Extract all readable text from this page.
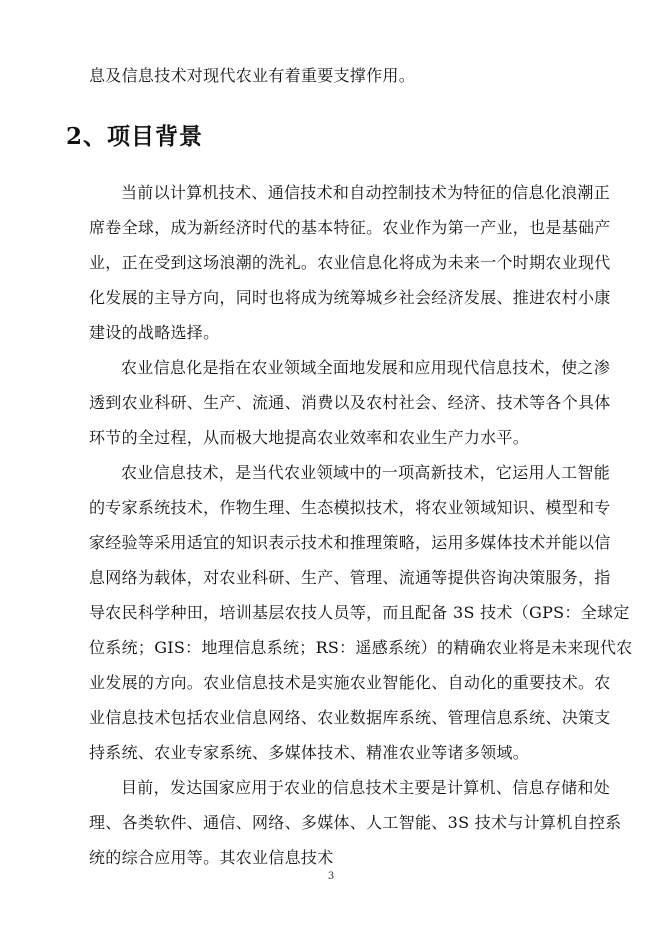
息及信息技术对现代农业有着重要支撑作用。
2、项目背景
当前以计算机技术、通信技术和自动控制技术为特征的信息化浪潮正
席卷全球，成为新经济时代的基本特征。农业作为第一产业，也是基础产
业，正在受到这场浪潮的洗礼。农业信息化将成为未来一个时期农业现代
化发展的主导方向，同时也将成为统筹城乡社会经济发展、推进农村小康
建设的战略选择。
农业信息化是指在农业领域全面地发展和应用现代信息技术，使之渗
透到农业科研、生产、流通、消费以及农村社会、经济、技术等各个具体
环节的全过程，从而极大地提高农业效率和农业生产力水平。
农业信息技术，是当代农业领域中的一项高新技术，它运用人工智能
的专家系统技术，作物生理、生态模拟技术，将农业领域知识、模型和专
家经验等采用适宜的知识表示技术和推理策略，运用多媒体技术并能以信
息网络为载体，对农业科研、生产、管理、流通等提供咨询决策服务，指
导农民科学种田，培训基层农技人员等，而且配备 3S 技术（GPS：全球定
位系统；GIS：地理信息系统；RS：遥感系统）的精确农业将是未来现代农
业发展的方向。农业信息技术是实施农业智能化、自动化的重要技术。农
业信息技术包括农业信息网络、农业数据库系统、管理信息系统、决策支
持系统、农业专家系统、多媒体技术、精准农业等诸多领域。
目前，发达国家应用于农业的信息技术主要是计算机、信息存储和处
理、各类软件、通信、网络、多媒体、人工智能、3S 技术与计算机自控系
统的综合应用等。其农业信息技术
3
